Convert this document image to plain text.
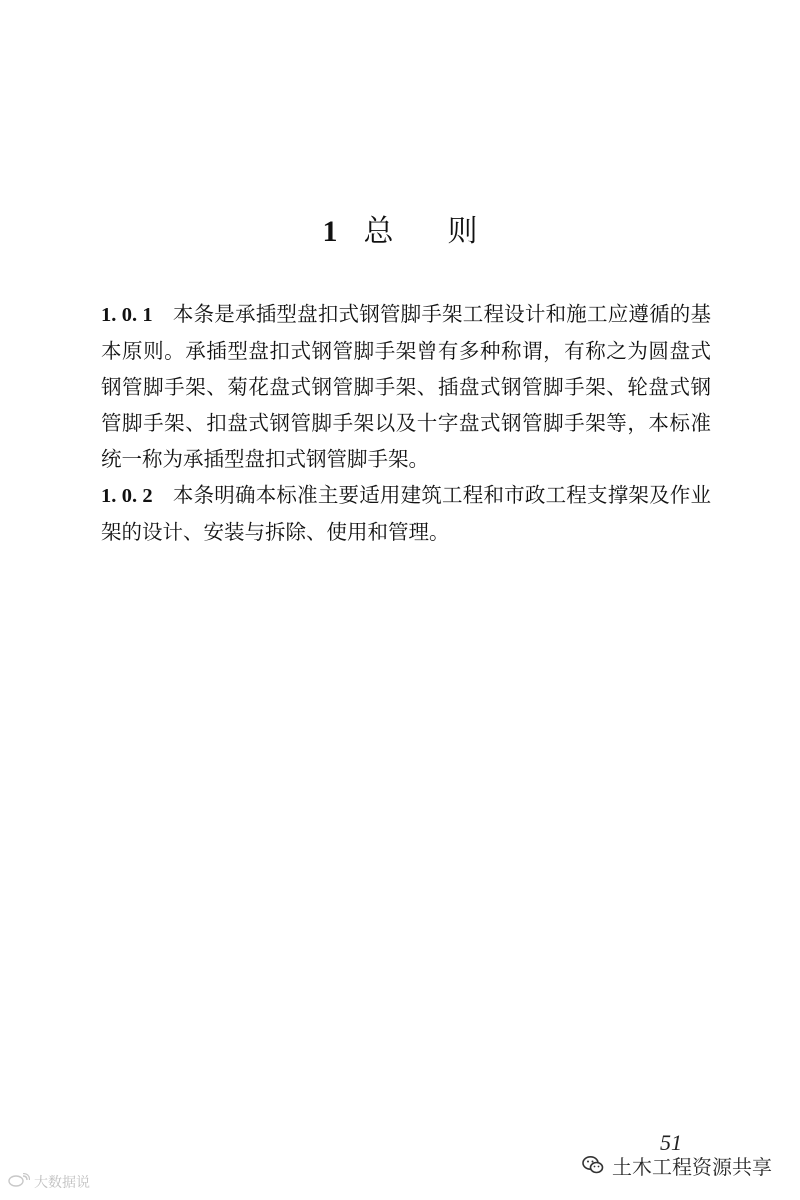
1 总 则

1. 0. 1 本条是承插型盘扣式钢管脚手架工程设计和施工应遵循的基本原则。承插型盘扣式钢管脚手架曾有多种称谓，有称之为圆盘式钢管脚手架、菊花盘式钢管脚手架、插盘式钢管脚手架、轮盘式钢管脚手架、扣盘式钢管脚手架以及十字盘式钢管脚手架等，本标准统一称为承插型盘扣式钢管脚手架。

1. 0. 2 本条明确本标准主要适用建筑工程和市政工程支撑架及作业架的设计、安装与拆除、使用和管理。

51
土木工程资源共享
大数据说
